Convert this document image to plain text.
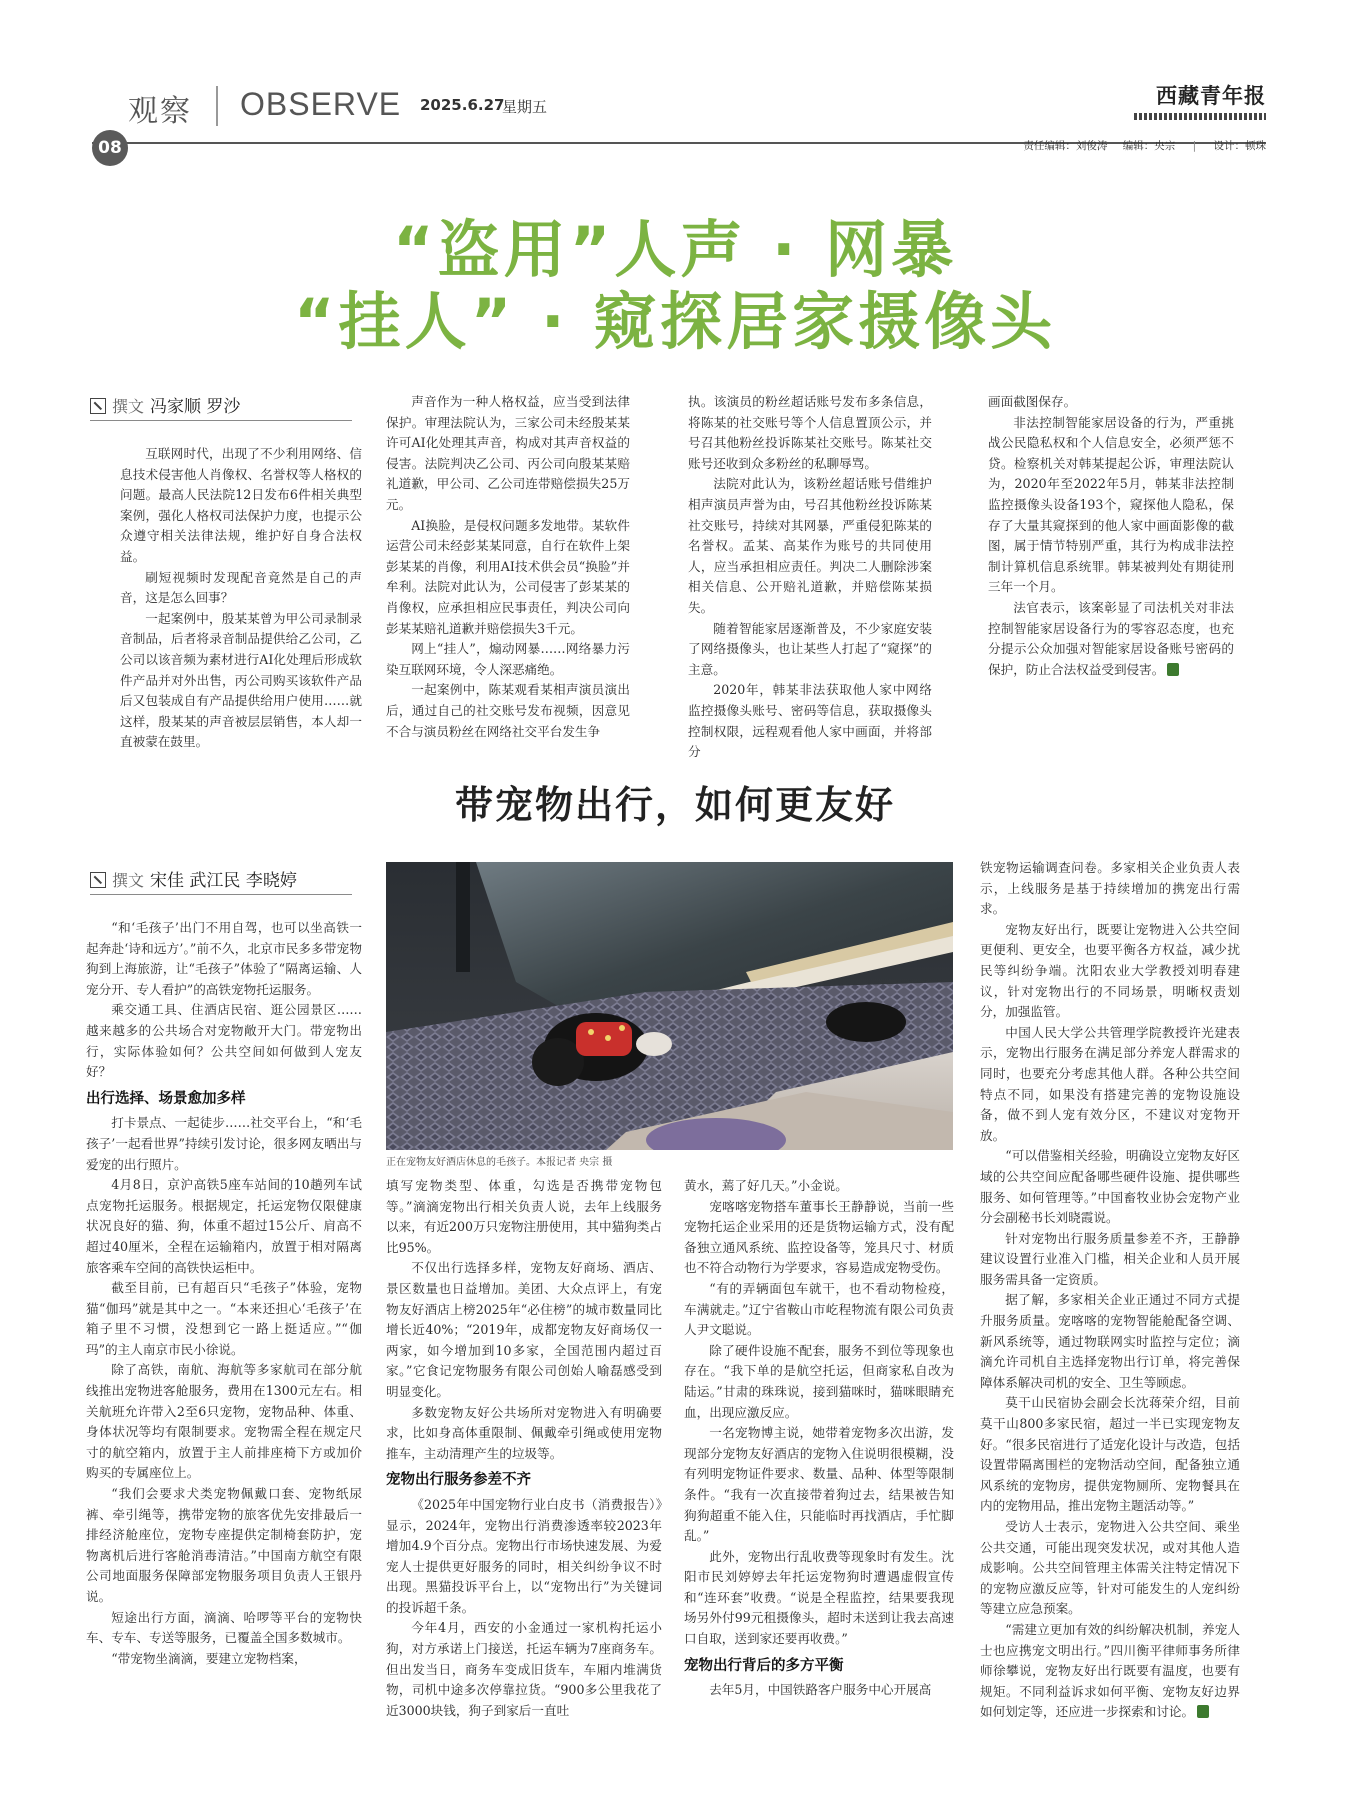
观察 OBSERVE 2025.6.27
星期五	西藏青年报
08	责任编辑：刘俊涛 编辑：央宗 | 设计：顿珠
“盗用”人声 · 网暴
“挂人” · 窥探居家摄像头
撰文 冯家顺 罗沙

互联网时代，出现了不少利用网络、信息技术侵害他人肖像权、名誉权等人格权的问题。最高人民法院12日发布6件相关典型案例，强化人格权司法保护力度，也提示公众遵守相关法律法规，维护好自身合法权益。

刷短视频时发现配音竟然是自己的声音，这是怎么回事？

一起案例中，殷某某曾为甲公司录制录音制品，后者将录音制品提供给乙公司，乙公司以该音频为素材进行AI化处理后形成软件产品并对外出售，丙公司购买该软件产品后又包装成自有产品提供给用户使用……就这样，殷某某的声音被层层销售，本人却一直被蒙在鼓里。

声音作为一种人格权益，应当受到法律保护。审理法院认为，三家公司未经殷某某许可AI化处理其声音，构成对其声音权益的侵害。法院判决乙公司、丙公司向殷某某赔礼道歉，甲公司、乙公司连带赔偿损失25万元。

AI换脸，是侵权问题多发地带。某软件运营公司未经彭某某同意，自行在软件上架彭某某的肖像，利用AI技术供会员“换脸”并牟利。法院对此认为，公司侵害了彭某某的肖像权，应承担相应民事责任，判决公司向彭某某赔礼道歉并赔偿损失3千元。

网上“挂人”，煽动网暴……网络暴力污染互联网环境，令人深恶痛绝。

一起案例中，陈某观看某相声演员演出后，通过自己的社交账号发布视频，因意见不合与演员粉丝在网络社交平台发生争

执。该演员的粉丝超话账号发布多条信息，将陈某的社交账号等个人信息置顶公示，并号召其他粉丝投诉陈某社交账号。陈某社交账号还收到众多粉丝的私聊辱骂。

法院对此认为，该粉丝超话账号借维护相声演员声誉为由，号召其他粉丝投诉陈某社交账号，持续对其网暴，严重侵犯陈某的名誉权。孟某、高某作为账号的共同使用人，应当承担相应责任。判决二人删除涉案相关信息、公开赔礼道歉，并赔偿陈某损失。

随着智能家居逐渐普及，不少家庭安装了网络摄像头，也让某些人打起了“窥探”的主意。

2020年，韩某非法获取他人家中网络监控摄像头账号、密码等信息，获取摄像头控制权限，远程观看他人家中画面，并将部分

画面截图保存。

非法控制智能家居设备的行为，严重挑战公民隐私权和个人信息安全，必须严惩不贷。检察机关对韩某提起公诉，审理法院认为，2020年至2022年5月，韩某非法控制监控摄像头设备193个，窥探他人隐私，保存了大量其窥探到的他人家中画面影像的截图，属于情节特别严重，其行为构成非法控制计算机信息系统罪。韩某被判处有期徒刑三年一个月。

法官表示，该案彰显了司法机关对非法控制智能家居设备行为的零容忍态度，也充分提示公众加强对智能家居设备账号密码的保护，防止合法权益受到侵害。

带宠物出行，如何更友好
撰文 宋佳 武江民 李晓婷
正在宠物友好酒店休息的毛孩子。本报记者 央宗 摄

“和‘毛孩子’出门不用自驾，也可以坐高铁一起奔赴‘诗和远方’。”前不久，北京市民多多带宠物狗到上海旅游，让“毛孩子”体验了“隔离运输、人宠分开、专人看护”的高铁宠物托运服务。

乘交通工具、住酒店民宿、逛公园景区……越来越多的公共场合对宠物敞开大门。带宠物出行，实际体验如何？公共空间如何做到人宠友好？

出行选择、场景愈加多样

打卡景点、一起徒步……社交平台上，“和‘毛孩子’一起看世界”持续引发讨论，很多网友晒出与爱宠的出行照片。

4月8日，京沪高铁5座车站间的10趟列车试点宠物托运服务。根据规定，托运宠物仅限健康状况良好的猫、狗，体重不超过15公斤、肩高不超过40厘米，全程在运输箱内，放置于相对隔离旅客乘车空间的高铁快运柜中。

截至目前，已有超百只“毛孩子”体验，宠物猫“伽玛”就是其中之一。“本来还担心‘毛孩子’在箱子里不习惯，没想到它一路上挺适应。”“伽玛”的主人南京市民小徐说。

除了高铁，南航、海航等多家航司在部分航线推出宠物进客舱服务，费用在1300元左右。相关航班允许带入2至6只宠物，宠物品种、体重、身体状况等均有限制要求。宠物需全程在规定尺寸的航空箱内，放置于主人前排座椅下方或加价购买的专属座位上。

“我们会要求犬类宠物佩戴口套、宠物纸尿裤、牵引绳等，携带宠物的旅客优先安排最后一排经济舱座位，宠物专座提供定制椅套防护，宠物离机后进行客舱消毒清洁。”中国南方航空有限公司地面服务保障部宠物服务项目负责人王银丹说。

短途出行方面，滴滴、哈啰等平台的宠物快车、专车、专送等服务，已覆盖全国多数城市。

“带宠物坐滴滴，要建立宠物档案，

填写宠物类型、体重，勾选是否携带宠物包等。”滴滴宠物出行相关负责人说，去年上线服务以来，有近200万只宠物注册使用，其中猫狗类占比95%。

不仅出行选择多样，宠物友好商场、酒店、景区数量也日益增加。美团、大众点评上，有宠物友好酒店上榜2025年“必住榜”的城市数量同比增长近40%；“2019年，成都宠物友好商场仅一两家，如今增加到10多家，全国范围内超过百家。”它食记宠物服务有限公司创始人喻磊感受到明显变化。

多数宠物友好公共场所对宠物进入有明确要求，比如身高体重限制、佩戴牵引绳或使用宠物推车，主动清理产生的垃圾等。

宠物出行服务参差不齐

《2025年中国宠物行业白皮书（消费报告）》显示，2024年，宠物出行消费渗透率较2023年增加4.9个百分点。宠物出行市场快速发展、为爱宠人士提供更好服务的同时，相关纠纷争议不时出现。黑猫投诉平台上，以“宠物出行”为关键词的投诉超千条。

今年4月，西安的小金通过一家机构托运小狗，对方承诺上门接送，托运车辆为7座商务车。但出发当日，商务车变成旧货车，车厢内堆满货物，司机中途多次停靠拉货。“900多公里我花了近3000块钱，狗子到家后一直吐

黄水，蔫了好几天。”小金说。

宠喀喀宠物搭车董事长王静静说，当前一些宠物托运企业采用的还是货物运输方式，没有配备独立通风系统、监控设备等，笼具尺寸、材质也不符合动物行为学要求，容易造成宠物受伤。

“有的弄辆面包车就干，也不看动物检疫，车满就走。”辽宁省鞍山市屹程物流有限公司负责人尹文聪说。

除了硬件设施不配套，服务不到位等现象也存在。“我下单的是航空托运，但商家私自改为陆运。”甘肃的珠珠说，接到猫咪时，猫咪眼睛充血，出现应激反应。

一名宠物博主说，她带着宠物多次出游，发现部分宠物友好酒店的宠物入住说明很模糊，没有列明宠物证件要求、数量、品种、体型等限制条件。“我有一次直接带着狗过去，结果被告知狗狗超重不能入住，只能临时再找酒店，手忙脚乱。”

此外，宠物出行乱收费等现象时有发生。沈阳市民刘婷婷去年托运宠物狗时遭遇虚假宣传和“连环套”收费。“说是全程监控，结果要我现场另外付99元租摄像头，超时未送到让我去高速口自取，送到家还要再收费。”

宠物出行背后的多方平衡

去年5月，中国铁路客户服务中心开展高

铁宠物运输调查问卷。多家相关企业负责人表示，上线服务是基于持续增加的携宠出行需求。

宠物友好出行，既要让宠物进入公共空间更便利、更安全，也要平衡各方权益，减少扰民等纠纷争端。沈阳农业大学教授刘明春建议，针对宠物出行的不同场景，明晰权责划分，加强监管。

中国人民大学公共管理学院教授许光建表示，宠物出行服务在满足部分养宠人群需求的同时，也要充分考虑其他人群。各种公共空间特点不同，如果没有搭建完善的宠物设施设备，做不到人宠有效分区，不建议对宠物开放。

“可以借鉴相关经验，明确设立宠物友好区域的公共空间应配备哪些硬件设施、提供哪些服务、如何管理等。”中国畜牧业协会宠物产业分会副秘书长刘晓霞说。

针对宠物出行服务质量参差不齐，王静静建议设置行业准入门槛，相关企业和人员开展服务需具备一定资质。

据了解，多家相关企业正通过不同方式提升服务质量。宠喀喀的宠物智能舱配备空调、新风系统等，通过物联网实时监控与定位；滴滴允许司机自主选择宠物出行订单，将完善保障体系解决司机的安全、卫生等顾虑。

莫干山民宿协会副会长沈蒋荣介绍，目前莫干山800多家民宿，超过一半已实现宠物友好。“很多民宿进行了适宠化设计与改造，包括设置带隔离围栏的宠物活动空间，配备独立通风系统的宠物房，提供宠物厕所、宠物餐具在内的宠物用品，推出宠物主题活动等。”

受访人士表示，宠物进入公共空间、乘坐公共交通，可能出现突发状况，或对其他人造成影响。公共空间管理主体需关注特定情况下的宠物应激反应等，针对可能发生的人宠纠纷等建立应急预案。

“需建立更加有效的纠纷解决机制，养宠人士也应携宠文明出行。”四川衡平律师事务所律师徐攀说，宠物友好出行既要有温度，也要有规矩。不同利益诉求如何平衡、宠物友好边界如何划定等，还应进一步探索和讨论。
